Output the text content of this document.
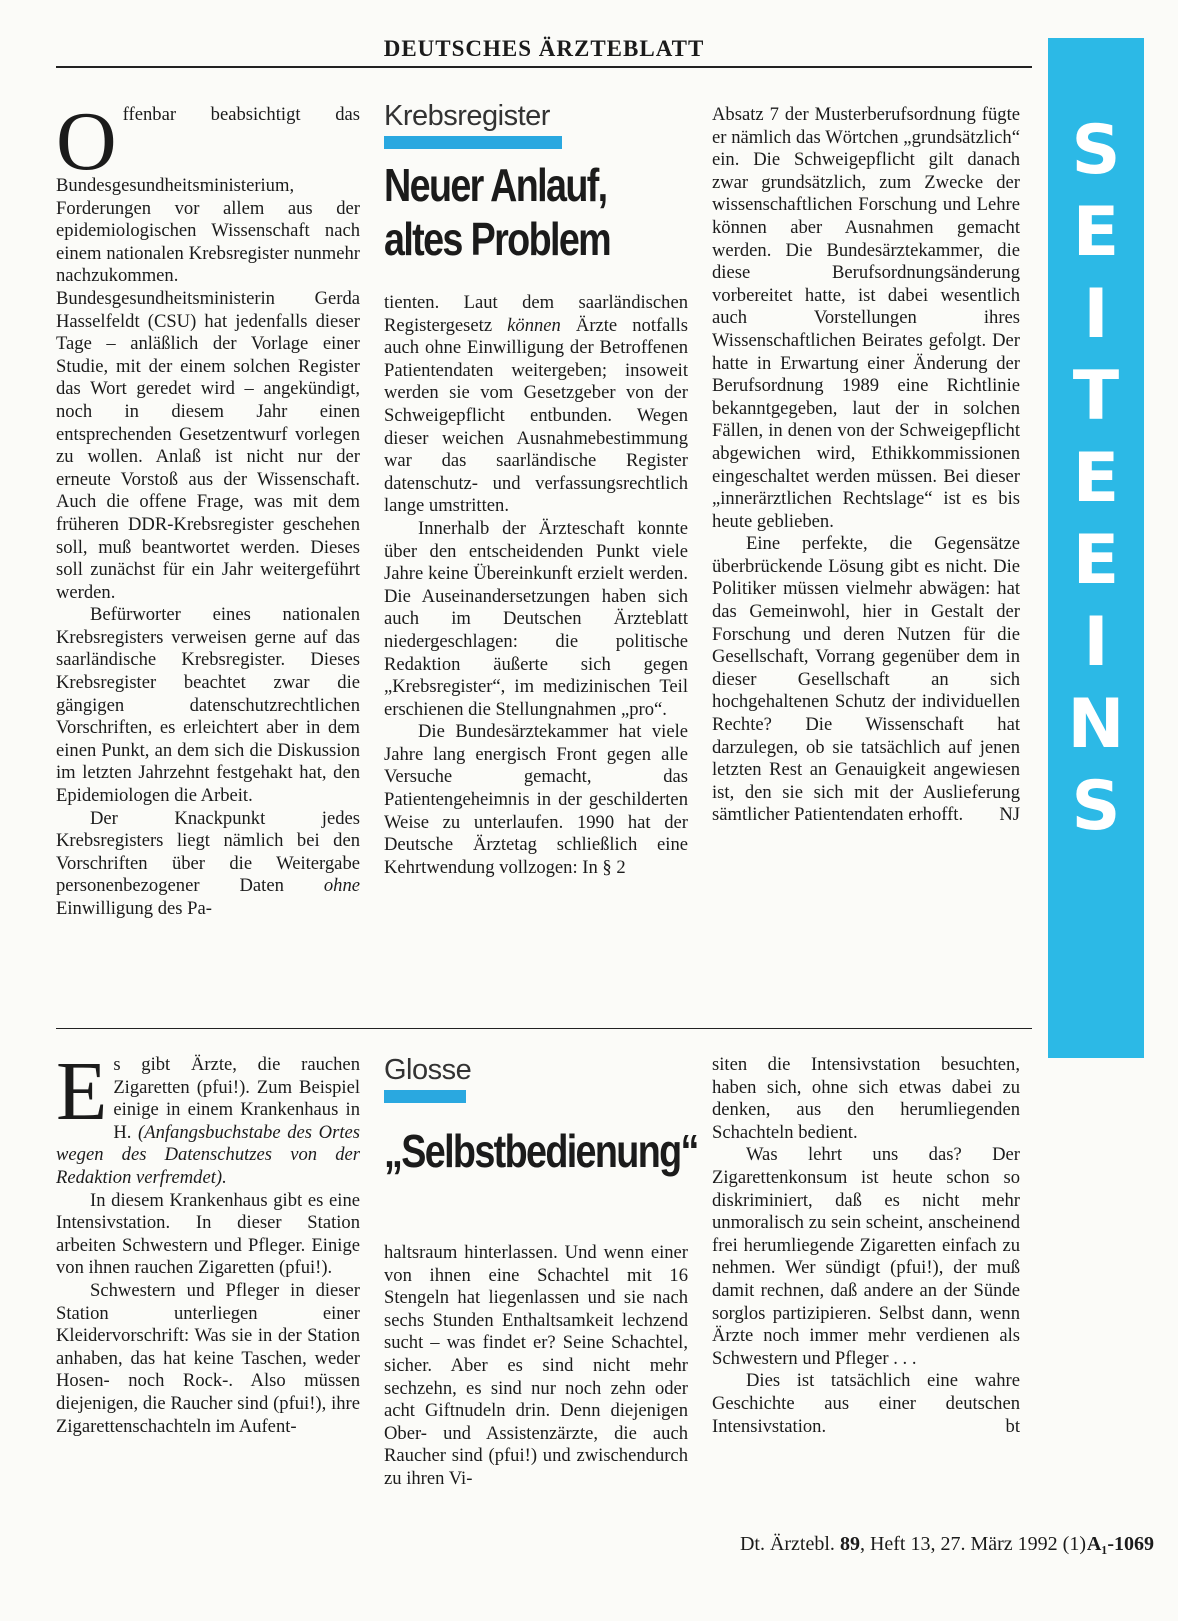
DEUTSCHES ÄRZTEBLATT
S
E
I
T
E
E
I
N
S
Krebsregister
Neuer Anlauf,
altes Problem

Offenbar beabsichtigt das Bundesgesundheitsministerium, Forderungen vor allem aus der epidemiologischen Wissenschaft nach einem nationalen Krebsregister nunmehr nachzukommen. Bundesgesundheitsministerin Gerda Hasselfeldt (CSU) hat jedenfalls dieser Tage – anläßlich der Vorlage einer Studie, mit der einem solchen Register das Wort geredet wird – angekündigt, noch in diesem Jahr einen entsprechenden Gesetzentwurf vorlegen zu wollen. Anlaß ist nicht nur der erneute Vorstoß aus der Wissenschaft. Auch die offene Frage, was mit dem früheren DDR-Krebsregister geschehen soll, muß beantwortet werden. Dieses soll zunächst für ein Jahr weitergeführt werden.

Befürworter eines nationalen Krebsregisters verweisen gerne auf das saarländische Krebsregister. Dieses Krebsregister beachtet zwar die gängigen datenschutzrechtlichen Vorschriften, es erleichtert aber in dem einen Punkt, an dem sich die Diskussion im letzten Jahrzehnt festgehakt hat, den Epidemiologen die Arbeit.

Der Knackpunkt jedes Krebsregisters liegt nämlich bei den Vorschriften über die Weitergabe personenbezogener Daten ohne Einwilligung des Pa-

tienten. Laut dem saarländischen Registergesetz können Ärzte notfalls auch ohne Einwilligung der Betroffenen Patientendaten weitergeben; insoweit werden sie vom Gesetzgeber von der Schweigepflicht entbunden. Wegen dieser weichen Ausnahmebestimmung war das saarländische Register datenschutz- und verfassungsrechtlich lange umstritten.

Innerhalb der Ärzteschaft konnte über den entscheidenden Punkt viele Jahre keine Übereinkunft erzielt werden. Die Auseinandersetzungen haben sich auch im Deutschen Ärzteblatt niedergeschlagen: die politische Redaktion äußerte sich gegen „Krebsregister“, im medizinischen Teil erschienen die Stellungnahmen „pro“.

Die Bundesärztekammer hat viele Jahre lang energisch Front gegen alle Versuche gemacht, das Patientengeheimnis in der geschilderten Weise zu unterlaufen. 1990 hat der Deutsche Ärztetag schließlich eine Kehrtwendung vollzogen: In § 2

Absatz 7 der Musterberufsordnung fügte er nämlich das Wörtchen „grundsätzlich“ ein. Die Schweigepflicht gilt danach zwar grundsätzlich, zum Zwecke der wissenschaftlichen Forschung und Lehre können aber Ausnahmen gemacht werden. Die Bundesärztekammer, die diese Berufsordnungsänderung vorbereitet hatte, ist dabei wesentlich auch Vorstellungen ihres Wissenschaftlichen Beirates gefolgt. Der hatte in Erwartung einer Änderung der Berufsordnung 1989 eine Richtlinie bekanntgegeben, laut der in solchen Fällen, in denen von der Schweigepflicht abgewichen wird, Ethikkommissionen eingeschaltet werden müssen. Bei dieser „innerärztlichen Rechtslage“ ist es bis heute geblieben.

Eine perfekte, die Gegensätze überbrückende Lösung gibt es nicht. Die Politiker müssen vielmehr abwägen: hat das Gemeinwohl, hier in Gestalt der Forschung und deren Nutzen für die Gesellschaft, Vorrang gegenüber dem in dieser Gesellschaft an sich hochgehaltenen Schutz der individuellen Rechte? Die Wissenschaft hat darzulegen, ob sie tatsächlich auf jenen letzten Rest an Genauigkeit angewiesen ist, den sie sich mit der Auslieferung sämtlicher Patientendaten erhofft.	NJ

Glosse
„Selbstbedienung“

Es gibt Ärzte, die rauchen Zigaretten (pfui!). Zum Beispiel einige in einem Krankenhaus in H. (Anfangsbuchstabe des Ortes wegen des Datenschutzes von der Redaktion verfremdet).

In diesem Krankenhaus gibt es eine Intensivstation. In dieser Station arbeiten Schwestern und Pfleger. Einige von ihnen rauchen Zigaretten (pfui!).

Schwestern und Pfleger in dieser Station unterliegen einer Kleidervorschrift: Was sie in der Station anhaben, das hat keine Taschen, weder Hosen- noch Rock-. Also müssen diejenigen, die Raucher sind (pfui!), ihre Zigarettenschachteln im Aufent-

haltsraum hinterlassen. Und wenn einer von ihnen eine Schachtel mit 16 Stengeln hat liegenlassen und sie nach sechs Stunden Enthaltsamkeit lechzend sucht – was findet er? Seine Schachtel, sicher. Aber es sind nicht mehr sechzehn, es sind nur noch zehn oder acht Giftnudeln drin. Denn diejenigen Ober- und Assistenzärzte, die auch Raucher sind (pfui!) und zwischendurch zu ihren Vi-

siten die Intensivstation besuchten, haben sich, ohne sich etwas dabei zu denken, aus den herumliegenden Schachteln bedient.

Was lehrt uns das? Der Zigarettenkonsum ist heute schon so diskriminiert, daß es nicht mehr unmoralisch zu sein scheint, anscheinend frei herumliegende Zigaretten einfach zu nehmen. Wer sündigt (pfui!), der muß damit rechnen, daß andere an der Sünde sorglos partizipieren. Selbst dann, wenn Ärzte noch immer mehr verdienen als Schwestern und Pfleger . . .

Dies ist tatsächlich eine wahre Geschichte aus einer deutschen Intensivstation.	bt

Dt. Ärztebl. 89, Heft 13, 27. März 1992 (1) A₁-1069
